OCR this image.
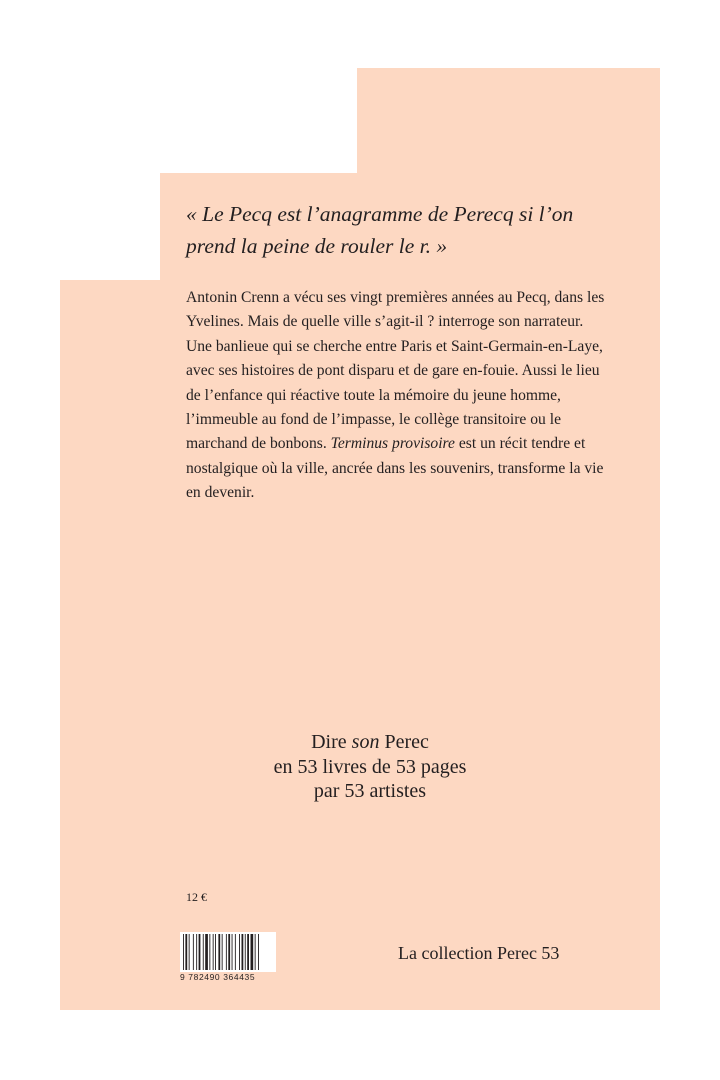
« Le Pecq est l’anagramme de Perecq si l’on prend la peine de rouler le r. »

Antonin Crenn a vécu ses vingt premières années au Pecq, dans les Yvelines. Mais de quelle ville s’agit-il ? interroge son narrateur. Une banlieue qui se cherche entre Paris et Saint-Germain-en-Laye, avec ses histoires de pont disparu et de gare en-fouie. Aussi le lieu de l’enfance qui réactive toute la mémoire du jeune homme, l’immeuble au fond de l’impasse, le collège transitoire ou le marchand de bonbons. Terminus provisoire est un récit tendre et nostalgique où la ville, ancrée dans les souvenirs, transforme la vie en devenir.

Dire son Perec
en 53 livres de 53 pages
par 53 artistes
12 €
9 782490 364435
La collection Perec 53
